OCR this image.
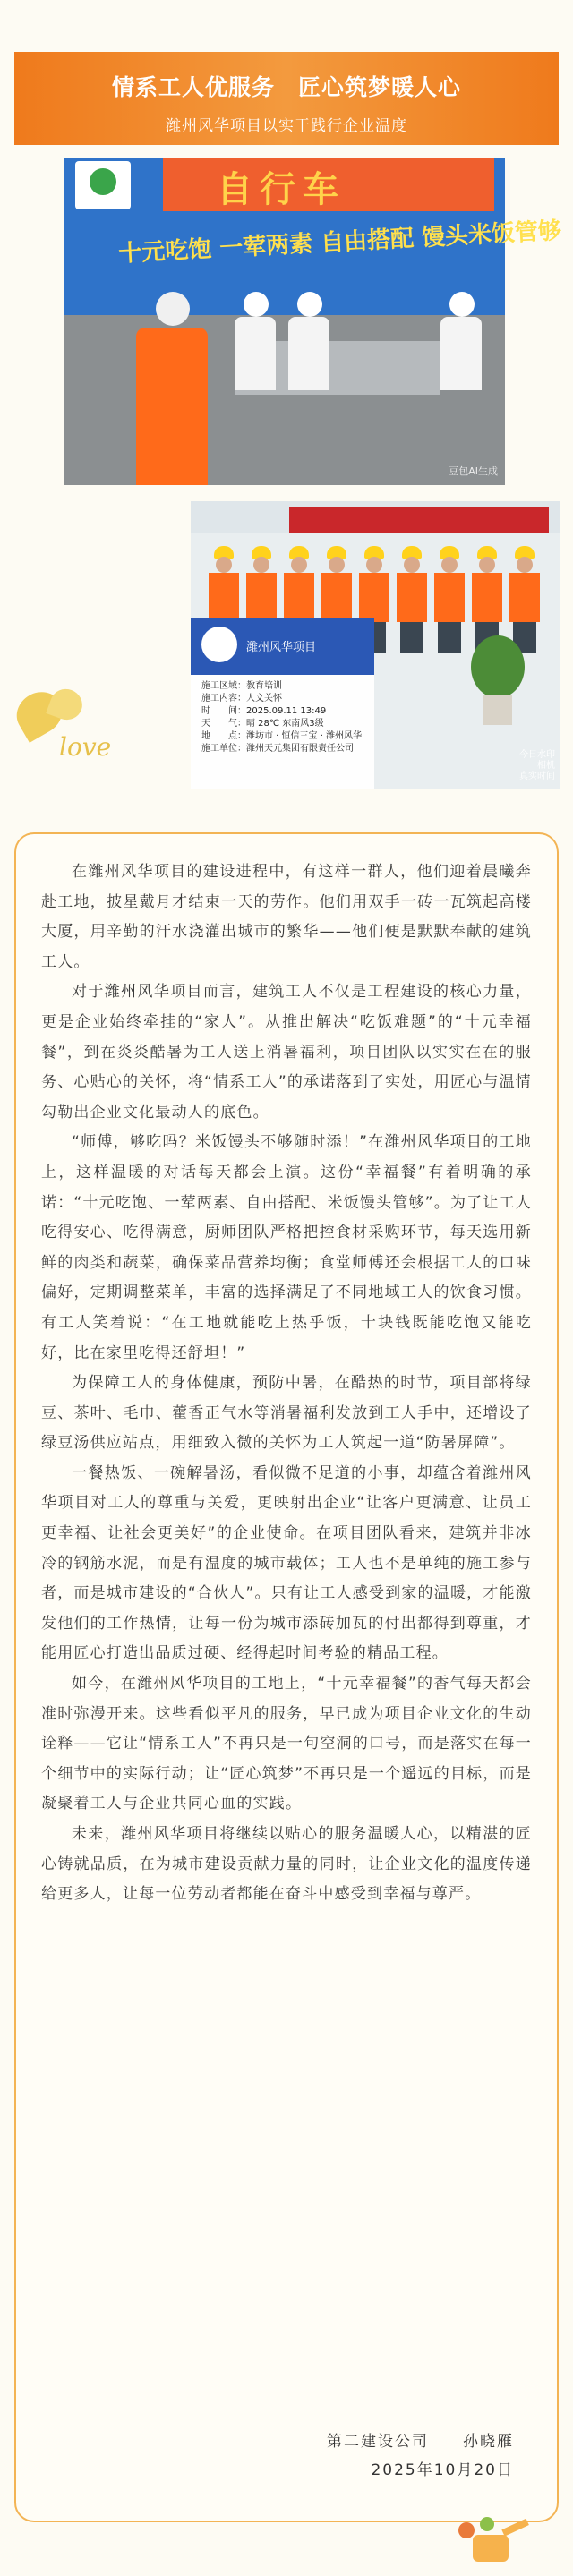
情系工人优服务　匠心筑梦暖人心
潍州风华项目以实干践行企业温度
自行车
十元吃饱 一荤两素 自由搭配 馒头米饭管够
豆包AI生成
潍州风华项目
施工区域：教育培训
施工内容：人文关怀
时　　间：2025.09.11 13:49
天　　气：晴 28℃ 东南风3级
地　　点：潍坊市 · 恒信三宝 · 潍州风华
施工单位：潍州天元集团有限责任公司
今日水印
相机
真实时间
love

在潍州风华项目的建设进程中，有这样一群人，他们迎着晨曦奔赴工地，披星戴月才结束一天的劳作。他们用双手一砖一瓦筑起高楼大厦，用辛勤的汗水浇灌出城市的繁华——他们便是默默奉献的建筑工人。

对于潍州风华项目而言，建筑工人不仅是工程建设的核心力量，更是企业始终牵挂的“家人”。从推出解决“吃饭难题”的“十元幸福餐”，到在炎炎酷暑为工人送上消暑福利，项目团队以实实在在的服务、心贴心的关怀，将“情系工人”的承诺落到了实处，用匠心与温情勾勒出企业文化最动人的底色。

“师傅，够吃吗？米饭馒头不够随时添！”在潍州风华项目的工地上，这样温暖的对话每天都会上演。这份“幸福餐”有着明确的承诺：“十元吃饱、一荤两素、自由搭配、米饭馒头管够”。为了让工人吃得安心、吃得满意，厨师团队严格把控食材采购环节，每天选用新鲜的肉类和蔬菜，确保菜品营养均衡；食堂师傅还会根据工人的口味偏好，定期调整菜单，丰富的选择满足了不同地域工人的饮食习惯。有工人笑着说：“在工地就能吃上热乎饭，十块钱既能吃饱又能吃好，比在家里吃得还舒坦！”

为保障工人的身体健康，预防中暑，在酷热的时节，项目部将绿豆、茶叶、毛巾、藿香正气水等消暑福利发放到工人手中，还增设了绿豆汤供应站点，用细致入微的关怀为工人筑起一道“防暑屏障”。

一餐热饭、一碗解暑汤，看似微不足道的小事，却蕴含着潍州风华项目对工人的尊重与关爱，更映射出企业“让客户更满意、让员工更幸福、让社会更美好”的企业使命。在项目团队看来，建筑并非冰冷的钢筋水泥，而是有温度的城市载体；工人也不是单纯的施工参与者，而是城市建设的“合伙人”。只有让工人感受到家的温暖，才能激发他们的工作热情，让每一份为城市添砖加瓦的付出都得到尊重，才能用匠心打造出品质过硬、经得起时间考验的精品工程。

如今，在潍州风华项目的工地上，“十元幸福餐”的香气每天都会准时弥漫开来。这些看似平凡的服务，早已成为项目企业文化的生动诠释——它让“情系工人”不再只是一句空洞的口号，而是落实在每一个细节中的实际行动；让“匠心筑梦”不再只是一个遥远的目标，而是凝聚着工人与企业共同心血的实践。

未来，潍州风华项目将继续以贴心的服务温暖人心，以精湛的匠心铸就品质，在为城市建设贡献力量的同时，让企业文化的温度传递给更多人，让每一位劳动者都能在奋斗中感受到幸福与尊严。

第二建设公司　　孙晓雁
2025年10月20日
